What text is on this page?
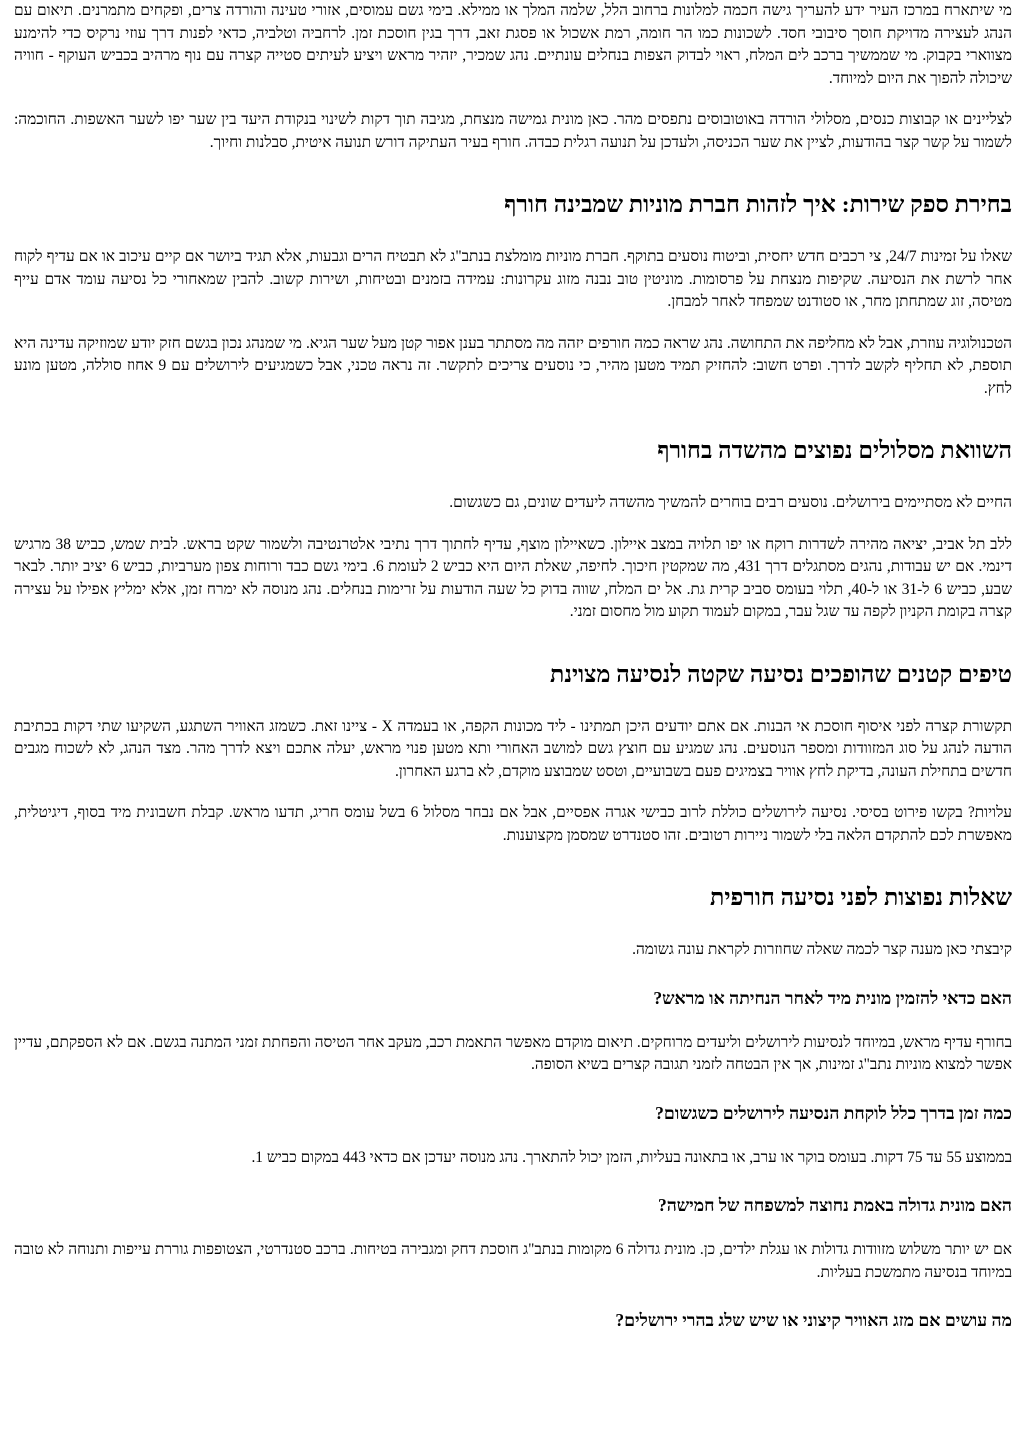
מי שיתארח במרכז העיר ידע להעריך גישה חכמה למלונות ברחוב הלל, שלמה המלך או ממילא. בימי גשם עמוסים, אזורי טעינה והורדה צרים, ופקחים מתמרנים. תיאום עם הנהג לעצירה מדויקת חוסך סיבובי חסד. לשכונות כמו הר חומה, רמת אשכול או פסגת זאב, דרך בגין חוסכת זמן. לרחביה וטלביה, כדאי לפנות דרך עוזי נרקיס כדי להימנע מצווארי בקבוק. מי שממשיך ברכב לים המלח, ראוי לבדוק הצפות בנחלים עונתיים. נהג שמכיר, יזהיר מראש ויציע לעיתים סטייה קצרה עם נוף מרהיב בכביש העוקף - חוויה שיכולה להפוך את היום למיוחד.

לצליינים או קבוצות כנסים, מסלולי הורדה באוטובוסים נתפסים מהר. כאן מונית גמישה מנצחת, מגיבה תוך דקות לשינוי בנקודת היעד בין שער יפו לשער האשפות. החוכמה: לשמור על קשר קצר בהודעות, לציין את שער הכניסה, ולעדכן על תנועה רגלית כבדה. חורף בעיר העתיקה דורש תנועה איטית, סבלנות וחיוך.

בחירת ספק שירות: איך לזהות חברת מוניות שמבינה חורף

שאלו על זמינות 24/7, צי רכבים חדש יחסית, וביטוח נוסעים בתוקף. חברת מוניות מומלצת בנתב"ג לא תבטיח הרים וגבעות, אלא תגיד ביושר אם קיים עיכוב או אם עדיף לקוח אחר לרשת את הנסיעה. שקיפות מנצחת על פרסומות. מוניטין טוב נבנה מזוג עקרונות: עמידה בזמנים ובטיחות, ושירות קשוב. להבין שמאחורי כל נסיעה עומד אדם עייף מטיסה, זוג שמתחתן מחר, או סטודנט שמפחד לאחר למבחן.

הטכנולוגיה עוזרת, אבל לא מחליפה את התחושה. נהג שראה כמה חורפים יזהה מה מסתתר בענן אפור קטן מעל שער הגיא. מי שמנהג נכון בגשם חזק יודע שמוזיקה עדינה היא תוספת, לא תחליף לקשב לדרך. ופרט חשוב: להחזיק תמיד מטען מהיר, כי נוסעים צריכים לתקשר. זה נראה טכני, אבל כשמגיעים לירושלים עם 9 אחוז סוללה, מטען מונע לחץ.

השוואת מסלולים נפוצים מהשדה בחורף

החיים לא מסתיימים בירושלים. נוסעים רבים בוחרים להמשיך מהשדה ליעדים שונים, גם כשגשום.

ללב תל אביב, יציאה מהירה לשדרות רוקח או יפו תלויה במצב איילון. כשאיילון מוצף, עדיף לחתוך דרך נתיבי אלטרנטיבה ולשמור שקט בראש. לבית שמש, כביש 38 מרגיש דינמי. אם יש עבודות, נהגים מסתגלים דרך 431, מה שמקטין חיכוך. לחיפה, שאלת היום היא כביש 2 לעומת 6. בימי גשם כבד ורוחות צפון מערביות, כביש 6 יציב יותר. לבאר שבע, כביש 6 ל-31 או ל-40, תלוי בעומס סביב קרית גת. אל ים המלח, שווה בדוק כל שעה הודעות על זרימות בנחלים. נהג מנוסה לא ימרח זמן, אלא ימליץ אפילו על עצירה קצרה בקומת הקניון לקפה עד שגל עבר, במקום לעמוד תקוע מול מחסום זמני.

טיפים קטנים שהופכים נסיעה שקטה לנסיעה מצוינת

תקשורת קצרה לפני איסוף חוסכת אי הבנות. אם אתם יודעים היכן תמתינו - ליד מכונות הקפה, או בעמדה X - ציינו זאת. כשמזג האוויר השתגע, השקיעו שתי דקות בכתיבת הודעה לנהג על סוג המזוודות ומספר הנוסעים. נהג שמגיע עם חוצץ גשם למושב האחורי ותא מטען פנוי מראש, יעלה אתכם ויצא לדרך מהר. מצד הנהג, לא לשכוח מגבים חדשים בתחילת העונה, בדיקת לחץ אוויר בצמיגים פעם בשבועיים, וטסט שמבוצע מוקדם, לא ברגע האחרון.

עלויות? בקשו פירוט בסיסי. נסיעה לירושלים כוללת לרוב כבישי אגרה אפסיים, אבל אם נבחר מסלול 6 בשל עומס חריג, תדעו מראש. קבלת חשבונית מיד בסוף, דיגיטלית, מאפשרת לכם להתקדם הלאה בלי לשמור ניירות רטובים. זהו סטנדרט שמסמן מקצוענות.

שאלות נפוצות לפני נסיעה חורפית

קיבצתי כאן מענה קצר לכמה שאלה שחוזרות לקראת עונה גשומה.

האם כדאי להזמין מונית מיד לאחר הנחיתה או מראש?

בחורף עדיף מראש, במיוחד לנסיעות לירושלים וליעדים מרוחקים. תיאום מוקדם מאפשר התאמת רכב, מעקב אחר הטיסה והפחתת זמני המתנה בגשם. אם לא הספקתם, עדיין אפשר למצוא מוניות נתב"ג זמינות, אך אין הבטחה לזמני תגובה קצרים בשיא הסופה.

כמה זמן בדרך כלל לוקחת הנסיעה לירושלים כשגשום?

בממוצע 55 עד 75 דקות. בעומס בוקר או ערב, או בתאונה בעליות, הזמן יכול להתארך. נהג מנוסה יעדכן אם כדאי 443 במקום כביש 1.

האם מונית גדולה באמת נחוצה למשפחה של חמישה?

אם יש יותר משלוש מזוודות גדולות או עגלת ילדים, כן. מונית גדולה 6 מקומות בנתב"ג חוסכת דחק ומגבירה בטיחות. ברכב סטנדרטי, הצטופפות גוררת עייפות ותנוחה לא טובה במיוחד בנסיעה מתמשכת בעליות.

מה עושים אם מזג האוויר קיצוני או שיש שלג בהרי ירושלים?
